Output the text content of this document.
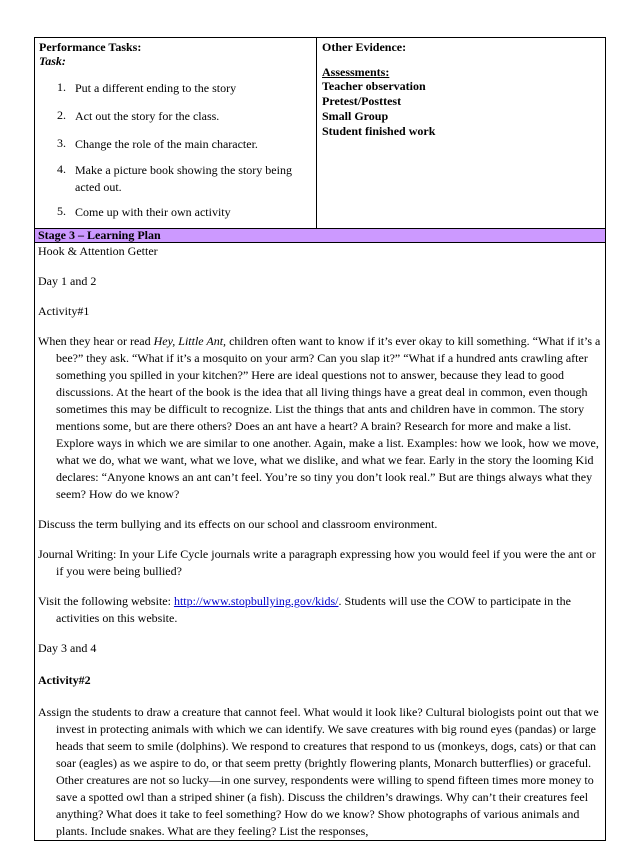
Performance Tasks:
Task:
1. Put a different ending to the story
2. Act out the story for the class.
3. Change the role of the main character.
4. Make a picture book showing the story being acted out.
5. Come up with their own activity
Other Evidence:
Assessments:
Teacher observation
Pretest/Posttest
Small Group
Student finished work
Stage 3 – Learning Plan

Hook & Attention Getter

Day 1 and 2

Activity#1

When they hear or read Hey, Little Ant, children often want to know if it’s ever okay to kill something. “What if it’s a bee?” they ask. “What if it’s a mosquito on your arm? Can you slap it?” “What if a hundred ants crawling after something you spilled in your kitchen?” Here are ideal questions not to answer, because they lead to good discussions. At the heart of the book is the idea that all living things have a great deal in common, even though sometimes this may be difficult to recognize. List the things that ants and children have in common. The story mentions some, but are there others? Does an ant have a heart? A brain? Research for more and make a list. Explore ways in which we are similar to one another. Again, make a list. Examples: how we look, how we move, what we do, what we want, what we love, what we dislike, and what we fear. Early in the story the looming Kid declares: “Anyone knows an ant can’t feel. You’re so tiny you don’t look real.” But are things always what they seem? How do we know?

Discuss the term bullying and its effects on our school and classroom environment.

Journal Writing: In your Life Cycle journals write a paragraph expressing how you would feel if you were the ant or if you were being bullied?

Visit the following website: http://www.stopbullying.gov/kids/. Students will use the COW to participate in the activities on this website.

Day 3 and 4

Activity#2

Assign the students to draw a creature that cannot feel. What would it look like? Cultural biologists point out that we invest in protecting animals with which we can identify. We save creatures with big round eyes (pandas) or large heads that seem to smile (dolphins). We respond to creatures that respond to us (monkeys, dogs, cats) or that can soar (eagles) as we aspire to do, or that seem pretty (brightly flowering plants, Monarch butterflies) or graceful. Other creatures are not so lucky—in one survey, respondents were willing to spend fifteen times more money to save a spotted owl than a striped shiner (a fish). Discuss the children’s drawings. Why can’t their creatures feel anything? What does it take to feel something? How do we know? Show photographs of various animals and plants. Include snakes. What are they feeling? List the responses,
